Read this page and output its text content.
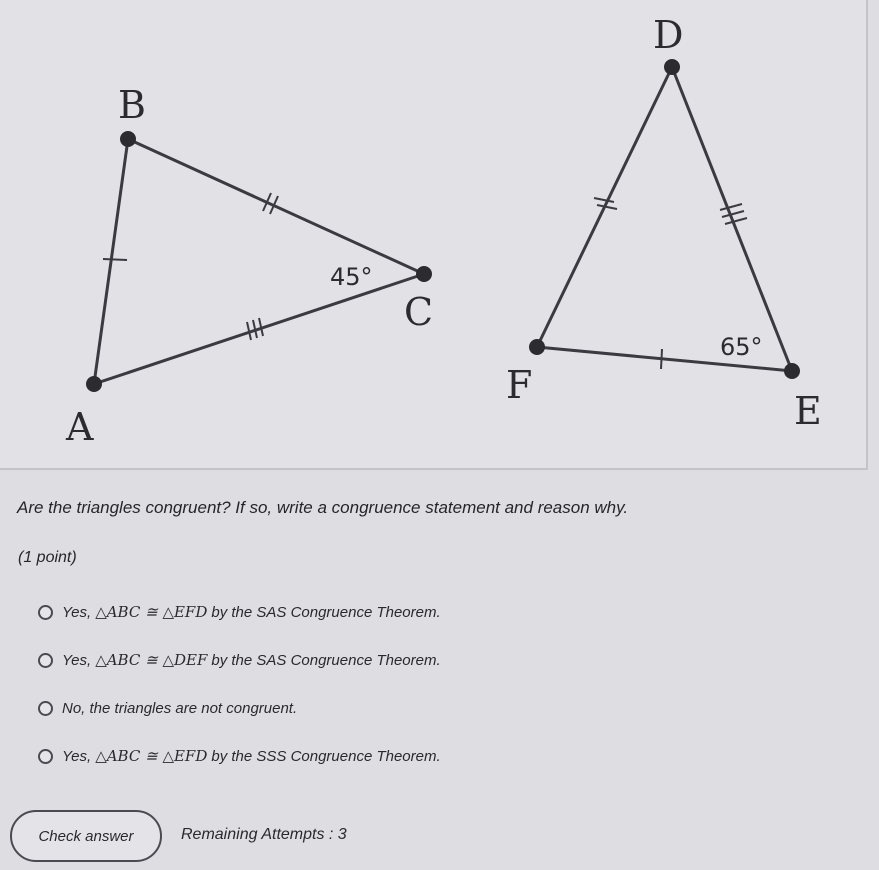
B
C
A
45°
D
F
E
65°
Are the triangles congruent? If so, write a congruence statement and reason why.
(1 point)
Yes, △ABC ≅ △EFD by the SAS Congruence Theorem.
Yes, △ABC ≅ △DEF by the SAS Congruence Theorem.
No, the triangles are not congruent.
Yes, △ABC ≅ △EFD by the SSS Congruence Theorem.
Check answer	Remaining Attempts : 3
